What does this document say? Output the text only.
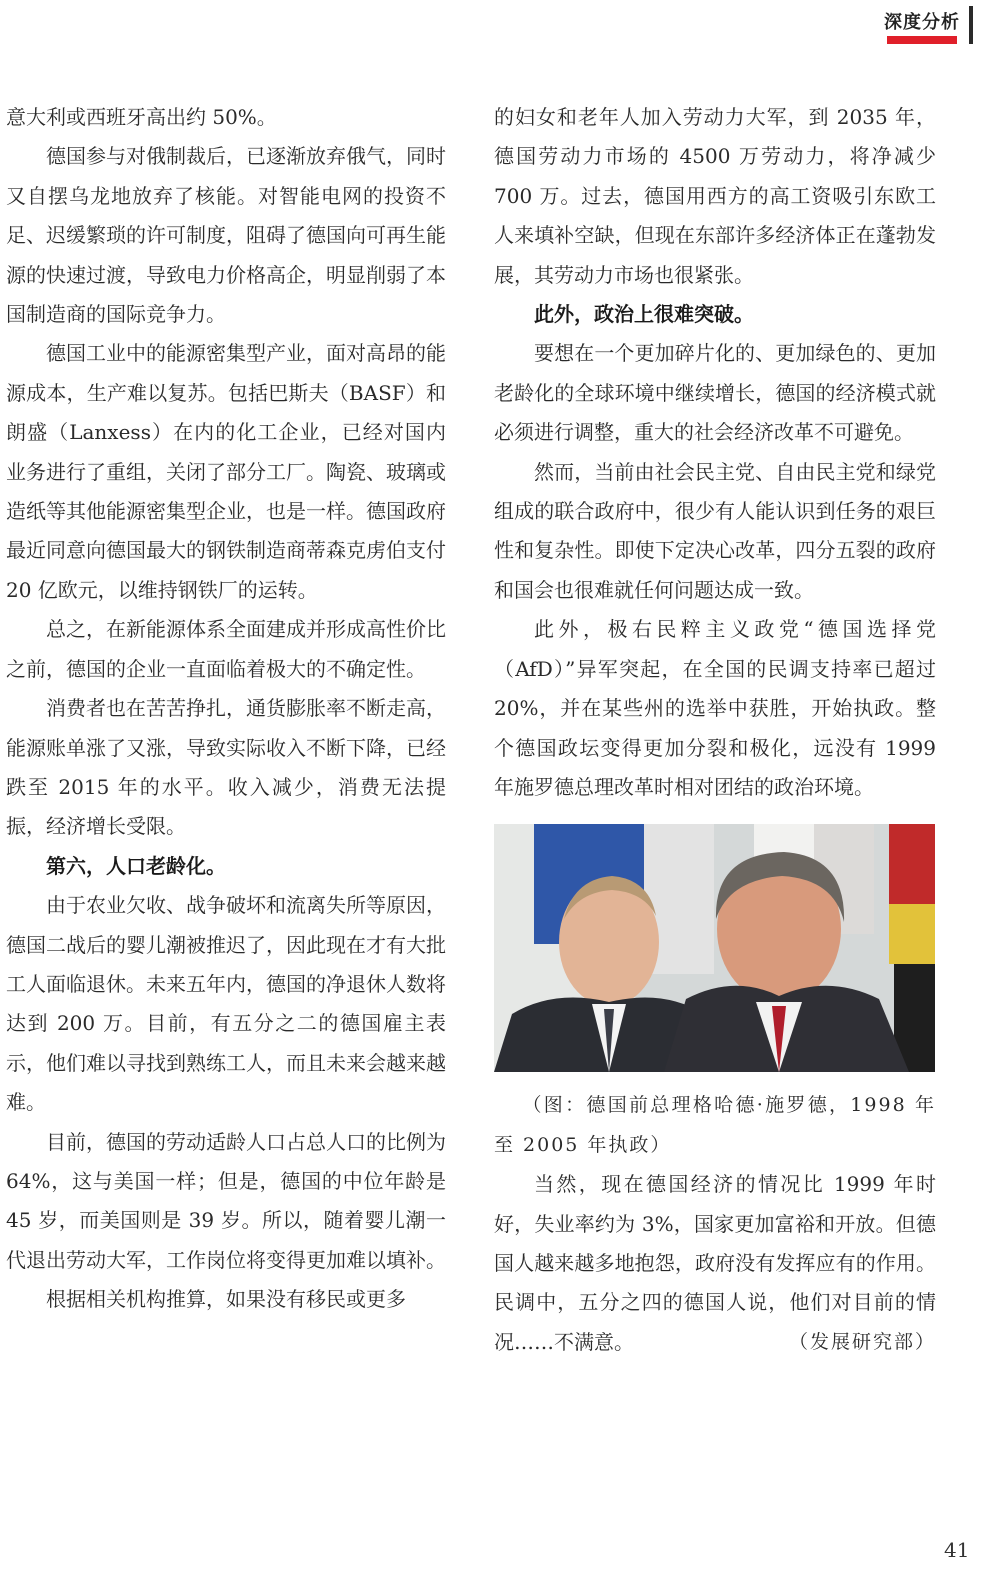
深度分析

意大利或西班牙高出约 50%。

德国参与对俄制裁后，已逐渐放弃俄气，同时又自摆乌龙地放弃了核能。对智能电网的投资不足、迟缓繁琐的许可制度，阻碍了德国向可再生能源的快速过渡，导致电力价格高企，明显削弱了本国制造商的国际竞争力。

德国工业中的能源密集型产业，面对高昂的能源成本，生产难以复苏。包括巴斯夫（BASF）和朗盛（Lanxess）在内的化工企业，已经对国内业务进行了重组，关闭了部分工厂。陶瓷、玻璃或造纸等其他能源密集型企业，也是一样。德国政府最近同意向德国最大的钢铁制造商蒂森克虏伯支付 20 亿欧元，以维持钢铁厂的运转。

总之，在新能源体系全面建成并形成高性价比之前，德国的企业一直面临着极大的不确定性。

消费者也在苦苦挣扎，通货膨胀率不断走高，能源账单涨了又涨，导致实际收入不断下降，已经跌至 2015 年的水平。收入减少，消费无法提振，经济增长受限。

第六，人口老龄化。

由于农业欠收、战争破坏和流离失所等原因，德国二战后的婴儿潮被推迟了，因此现在才有大批工人面临退休。未来五年内，德国的净退休人数将达到 200 万。目前，有五分之二的德国雇主表示，他们难以寻找到熟练工人，而且未来会越来越难。

目前，德国的劳动适龄人口占总人口的比例为 64%，这与美国一样；但是，德国的中位年龄是 45 岁，而美国则是 39 岁。所以，随着婴儿潮一代退出劳动大军，工作岗位将变得更加难以填补。

根据相关机构推算，如果没有移民或更多

的妇女和老年人加入劳动力大军，到 2035 年，德国劳动力市场的 4500 万劳动力，将净减少 700 万。过去，德国用西方的高工资吸引东欧工人来填补空缺，但现在东部许多经济体正在蓬勃发展，其劳动力市场也很紧张。

此外，政治上很难突破。

要想在一个更加碎片化的、更加绿色的、更加老龄化的全球环境中继续增长，德国的经济模式就必须进行调整，重大的社会经济改革不可避免。

然而，当前由社会民主党、自由民主党和绿党组成的联合政府中，很少有人能认识到任务的艰巨性和复杂性。即使下定决心改革，四分五裂的政府和国会也很难就任何问题达成一致。

此外，极右民粹主义政党“德国选择党（AfD）”异军突起，在全国的民调支持率已超过 20%，并在某些州的选举中获胜，开始执政。整个德国政坛变得更加分裂和极化，远没有 1999 年施罗德总理改革时相对团结的政治环境。

（图：德国前总理格哈德·施罗德，1998 年至 2005 年执政）

当然，现在德国经济的情况比 1999 年时好，失业率约为 3%，国家更加富裕和开放。但德国人越来越多地抱怨，政府没有发挥应有的作用。民调中，五分之四的德国人说，他们对目前的情况……不满意。	（发展研究部）

41
